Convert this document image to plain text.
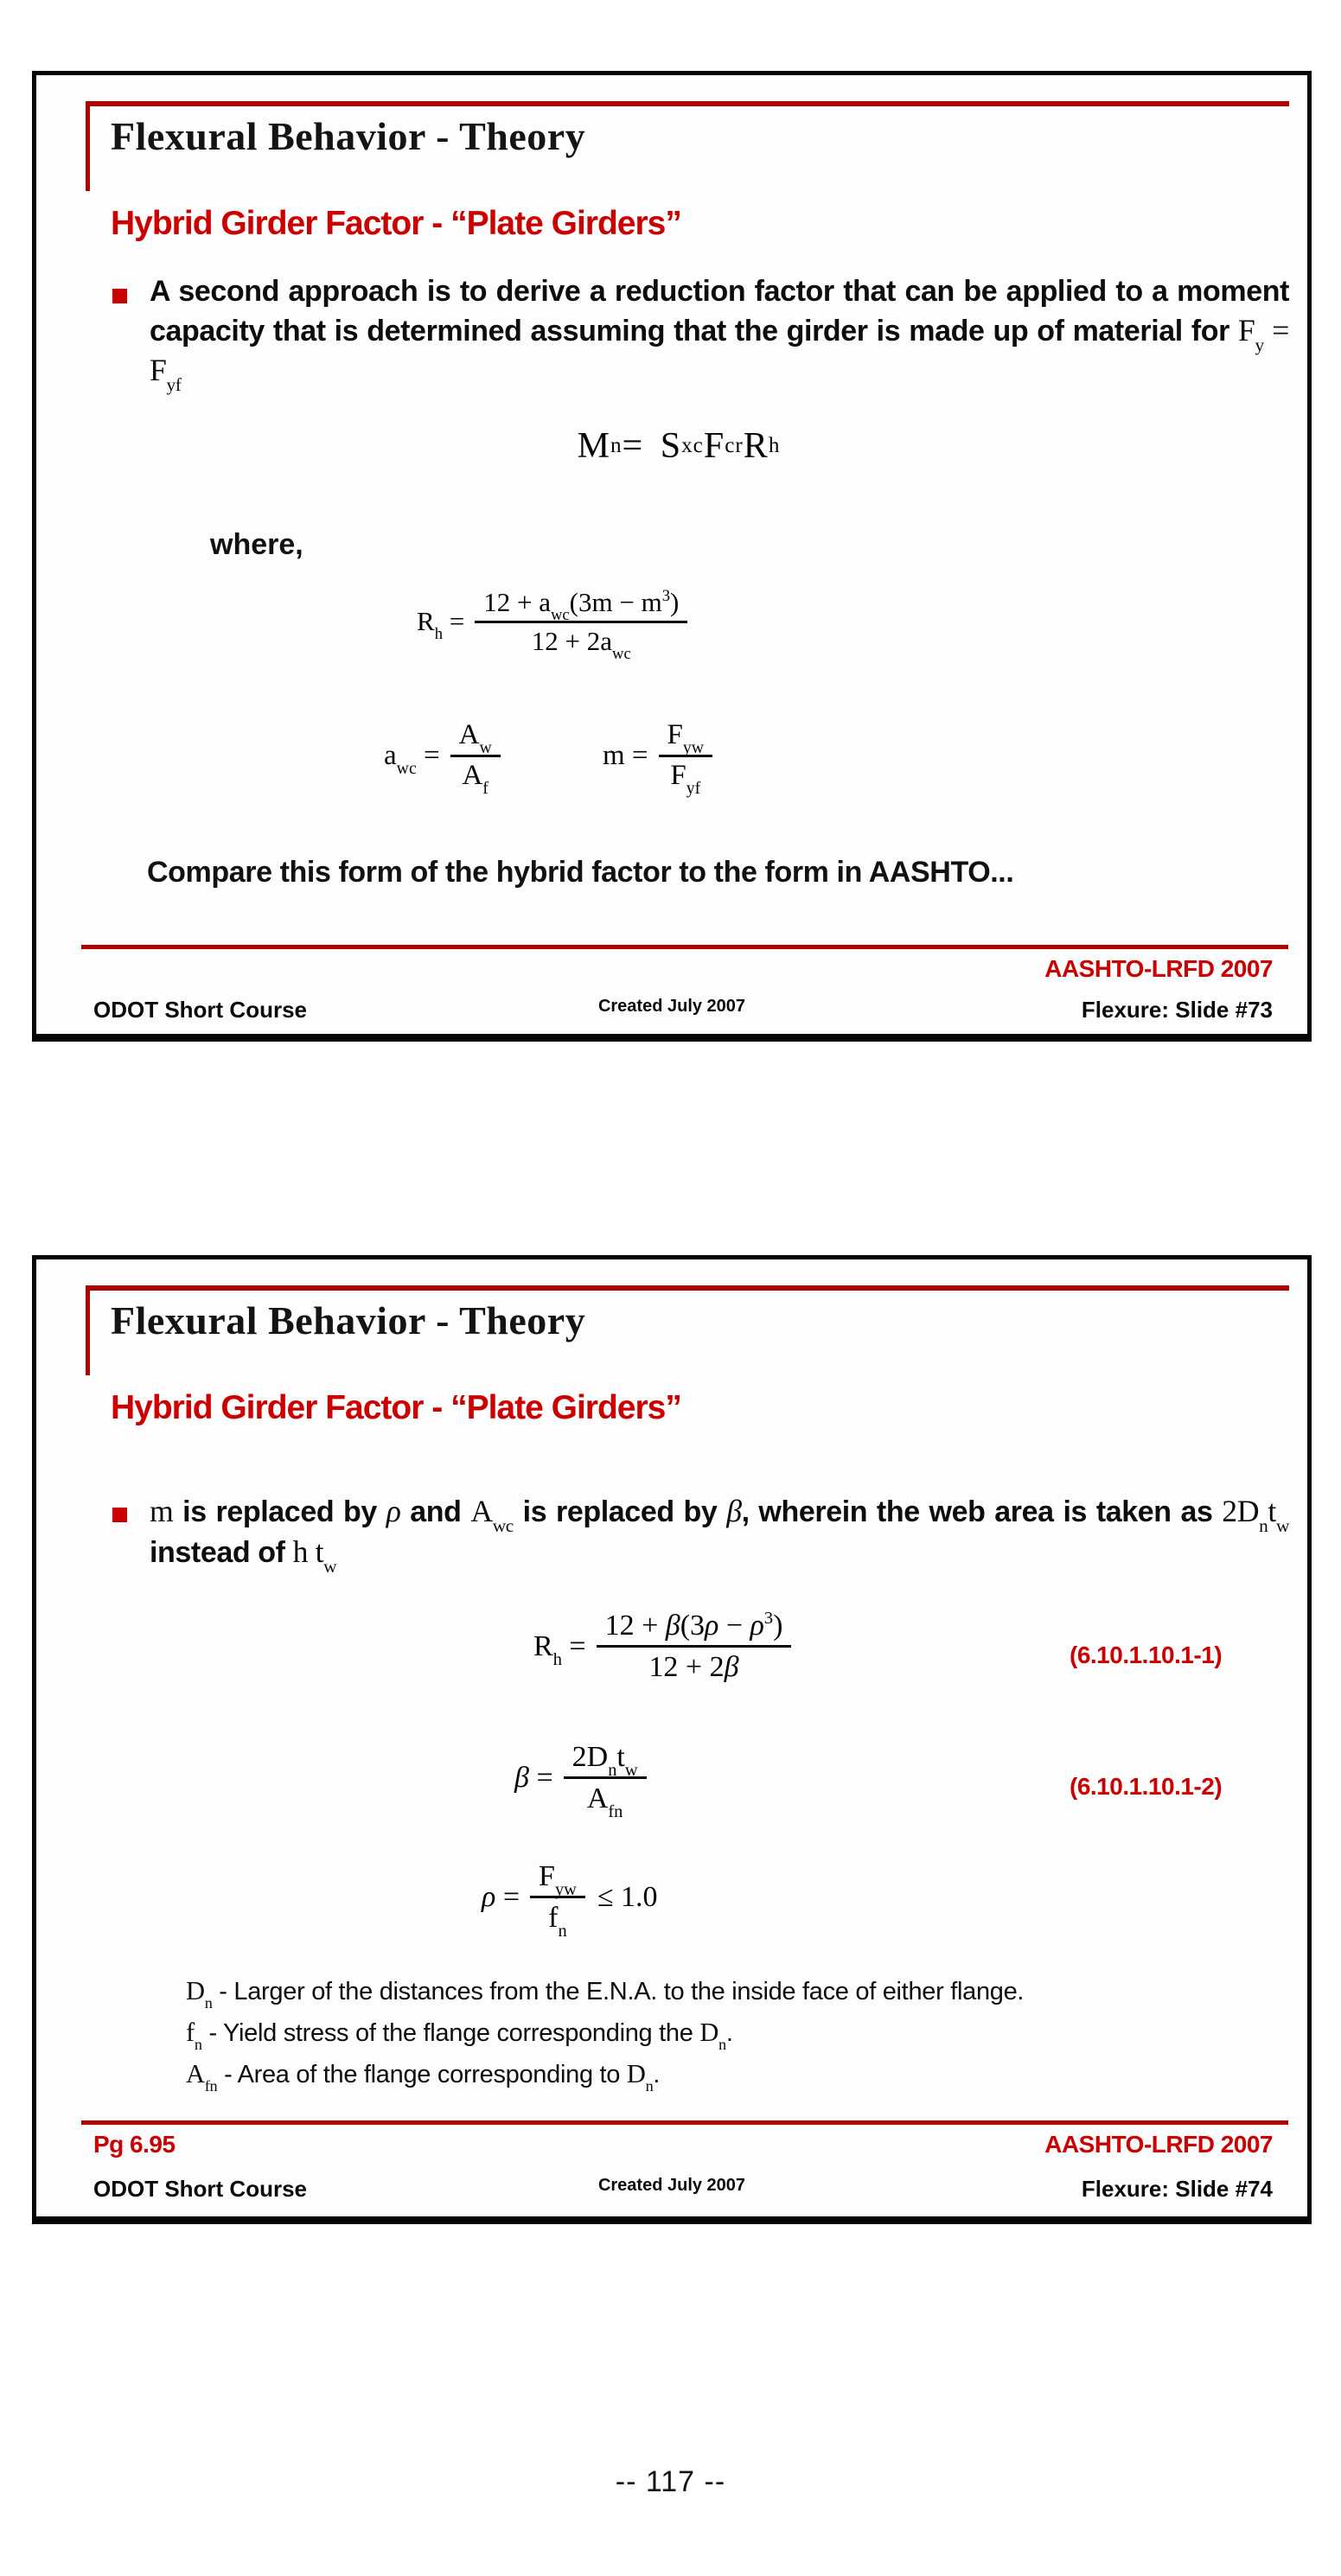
Flexural Behavior - Theory
Hybrid Girder Factor - “Plate Girders”

A second approach is to derive a reduction factor that can be applied to a moment capacity that is determined assuming that the girder is made up of material for $F_y = F_{yf}$

M n = S xc F cr R h
where,
$R_h = \frac{12 + a_{wc}(3m - m^3)}{12 + 2a_{wc}}$
$a_{wc} = \frac{A_w}{A_f}$	$m = \frac{F_{yw}}{F_{yf}}$

Compare this form of the hybrid factor to the form in AASHTO...

AASHTO-LRFD 2007
ODOT Short Course	Created July 2007	Flexure: Slide #73
Flexural Behavior - Theory
Hybrid Girder Factor - “Plate Girders”

m is replaced by ρ and $A_{wc}$ is replaced by β, wherein the web area is taken as $2D_nt_w$ instead of h $t_w$

$R_h = \frac{12 + \beta(3\rho - \rho^3)}{12 + 2\beta}$	(6.10.1.10.1-1)
$\beta = \frac{2D_nt_w}{A_{fn}}$	(6.10.1.10.1-2)
$\rho = \frac{F_{yw}}{f_n} \le 1.0$
$D_n$ - Larger of the distances from the E.N.A. to the inside face of either flange.
$f_n$ - Yield stress of the flange corresponding the $D_n$.
$A_{fn}$ - Area of the flange corresponding to $D_n$.
Pg 6.95	AASHTO-LRFD 2007
ODOT Short Course	Created July 2007	Flexure: Slide #74
-- 117 --
